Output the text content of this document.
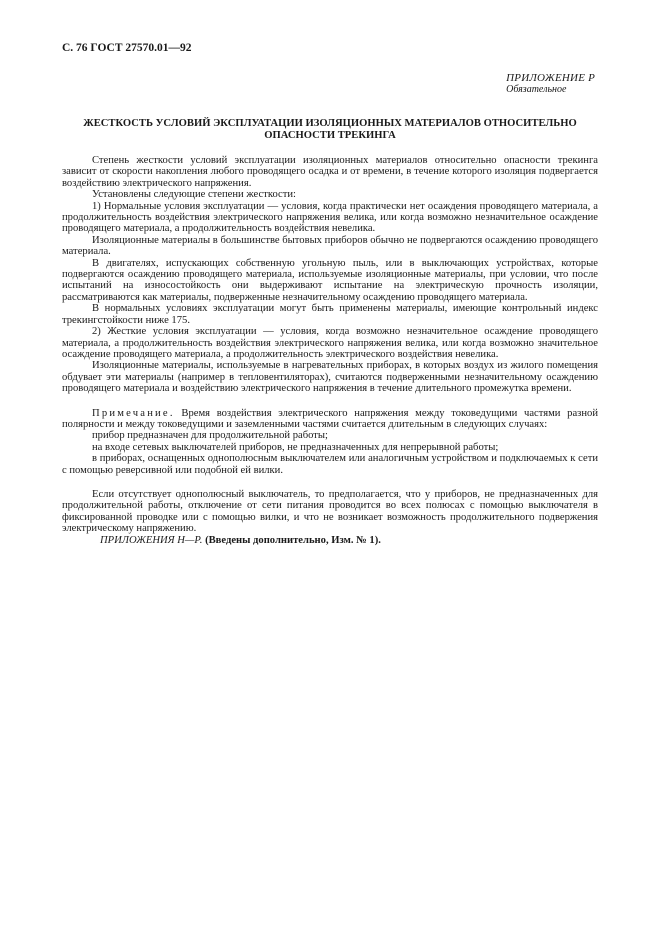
С. 76 ГОСТ 27570.01—92
ПРИЛОЖЕНИЕ Р
Обязательное
ЖЕСТКОСТЬ УСЛОВИЙ ЭКСПЛУАТАЦИИ ИЗОЛЯЦИОННЫХ МАТЕРИАЛОВ ОТНОСИТЕЛЬНО ОПАСНОСТИ ТРЕКИНГА

Степень жесткости условий эксплуатации изоляционных материалов относительно опасности трекинга зависит от скорости накопления любого проводящего осадка и от времени, в течение которого изоляция подвергается воздействию электрического напряжения.

Установлены следующие степени жесткости:

1) Нормальные условия эксплуатации — условия, когда практически нет осаждения проводящего материала, а продолжительность воздействия электрического напряжения велика, или когда возможно незначительное осаждение проводящего материала, а продолжительность воздействия невелика.

Изоляционные материалы в большинстве бытовых приборов обычно не подвергаются осаждению проводящего материала.

В двигателях, испускающих собственную угольную пыль, или в выключающих устройствах, которые подвергаются осаждению проводящего материала, используемые изоляционные материалы, при условии, что после испытаний на износостойкость они выдерживают испытание на электрическую прочность изоляции, рассматриваются как материалы, подверженные незначительному осаждению проводящего материала.

В нормальных условиях эксплуатации могут быть применены материалы, имеющие контрольный индекс трекингстойкости ниже 175.

2) Жесткие условия эксплуатации — условия, когда возможно незначительное осаждение проводящего материала, а продолжительность воздействия электрического напряжения велика, или когда возможно значительное осаждение проводящего материала, а продолжительность электрического воздействия невелика.

Изоляционные материалы, используемые в нагревательных приборах, в которых воздух из жилого помещения обдувает эти материалы (например в тепловентиляторах), считаются подверженными незначительному осаждению проводящего материала и воздействию электрического напряжения в течение длительного промежутка времени.

Примечание. Время воздействия электрического напряжения между токоведущими частями разной полярности и между токоведущими и заземленными частями считается длительным в следующих случаях:

прибор предназначен для продолжительной работы;

на входе сетевых выключателей приборов, не предназначенных для непрерывной работы;

в приборах, оснащенных однополюсным выключателем или аналогичным устройством и подключаемых к сети с помощью реверсивной или подобной ей вилки.

Если отсутствует однополюсный выключатель, то предполагается, что у приборов, не предназначенных для продолжительной работы, отключение от сети питания проводится во всех полюсах с помощью выключателя в фиксированной проводке или с помощью вилки, и что не возникает возможность продолжительного подвержения электрическому напряжению.

ПРИЛОЖЕНИЯ Н—Р. (Введены дополнительно, Изм. № 1).
